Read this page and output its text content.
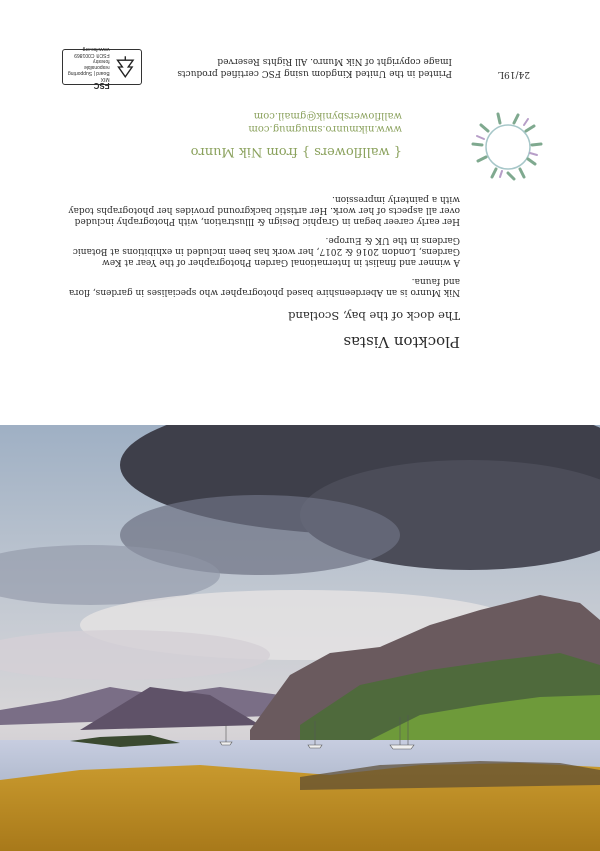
Plockton Vistas

The dock of the bay, Scotland

Nik Munro is an Aberdeenshire based photographer who specialises in gardens, flora and fauna.

A winner and finalist in International Garden Photographer of the Year at Kew Gardens, London 2016 & 2017, her work has been included in exhibitions at Botanic Gardens in the UK & Europe.

Her early career began in Graphic Design & Illustration, with Photography included over all aspects of her work. Her artistic background provides her photographs today with a painterly impression.

{ wallflowers } from Nik Munro

www.nikmunro.smugmug.com
wallflowersbynik@gmail.com
24/19L
Printed in the United Kingdom using FSC certified products
Image copyright of Nik Munro. All Rights Reserved
FSC
MIX
Board | Supporting
responsible forestry
FSC® C001869
www.fsc.org
